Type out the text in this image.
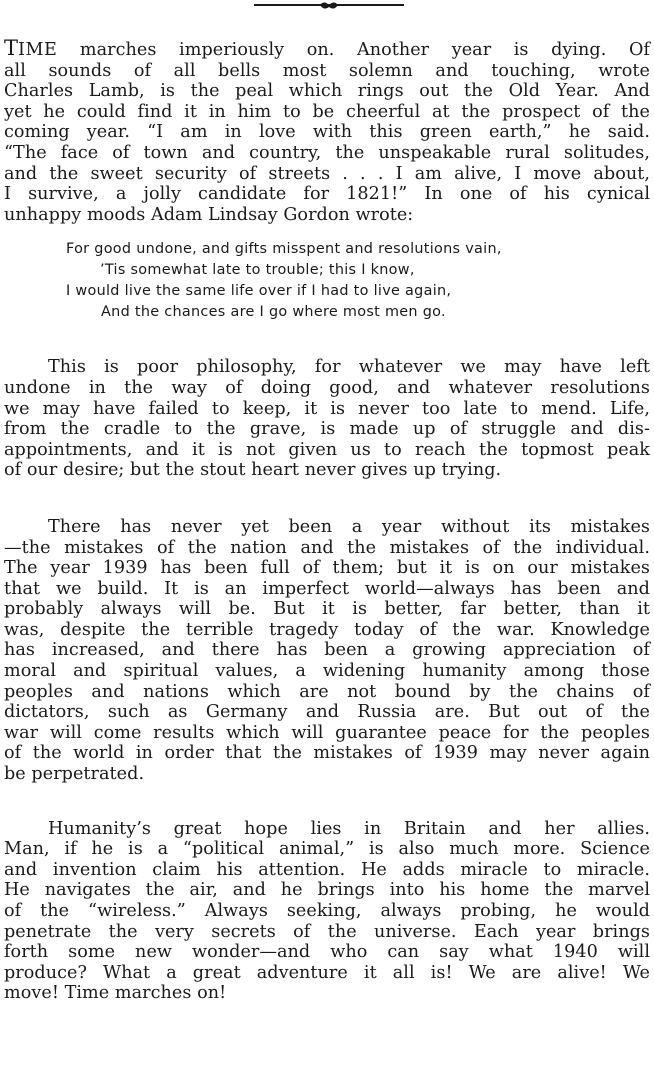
TIME marches imperiously on. Another year is dying. Of
all sounds of all bells most solemn and touching, wrote
Charles Lamb, is the peal which rings out the Old Year. And
yet he could find it in him to be cheerful at the prospect of the
coming year. “I am in love with this green earth,” he said.
“The face of town and country, the unspeakable rural solitudes,
and the sweet security of streets . . . I am alive, I move about,
I survive, a jolly candidate for 1821!” In one of his cynical
unhappy moods Adam Lindsay Gordon wrote:

For good undone, and gifts misspent and resolutions vain,
’Tis somewhat late to trouble; this I know,
I would live the same life over if I had to live again,
And the chances are I go where most men go.

This is poor philosophy, for whatever we may have left
undone in the way of doing good, and whatever resolutions
we may have failed to keep, it is never too late to mend. Life,
from the cradle to the grave, is made up of struggle and dis-
appointments, and it is not given us to reach the topmost peak
of our desire; but the stout heart never gives up trying.

There has never yet been a year without its mistakes
—the mistakes of the nation and the mistakes of the individual.
The year 1939 has been full of them; but it is on our mistakes
that we build. It is an imperfect world—always has been and
probably always will be. But it is better, far better, than it
was, despite the terrible tragedy today of the war. Knowledge
has increased, and there has been a growing appreciation of
moral and spiritual values, a widening humanity among those
peoples and nations which are not bound by the chains of
dictators, such as Germany and Russia are. But out of the
war will come results which will guarantee peace for the peoples
of the world in order that the mistakes of 1939 may never again
be perpetrated.

Humanity’s great hope lies in Britain and her allies.
Man, if he is a “political animal,” is also much more. Science
and invention claim his attention. He adds miracle to miracle.
He navigates the air, and he brings into his home the marvel
of the “wireless.” Always seeking, always probing, he would
penetrate the very secrets of the universe. Each year brings
forth some new wonder—and who can say what 1940 will
produce? What a great adventure it all is! We are alive! We
move! Time marches on!
